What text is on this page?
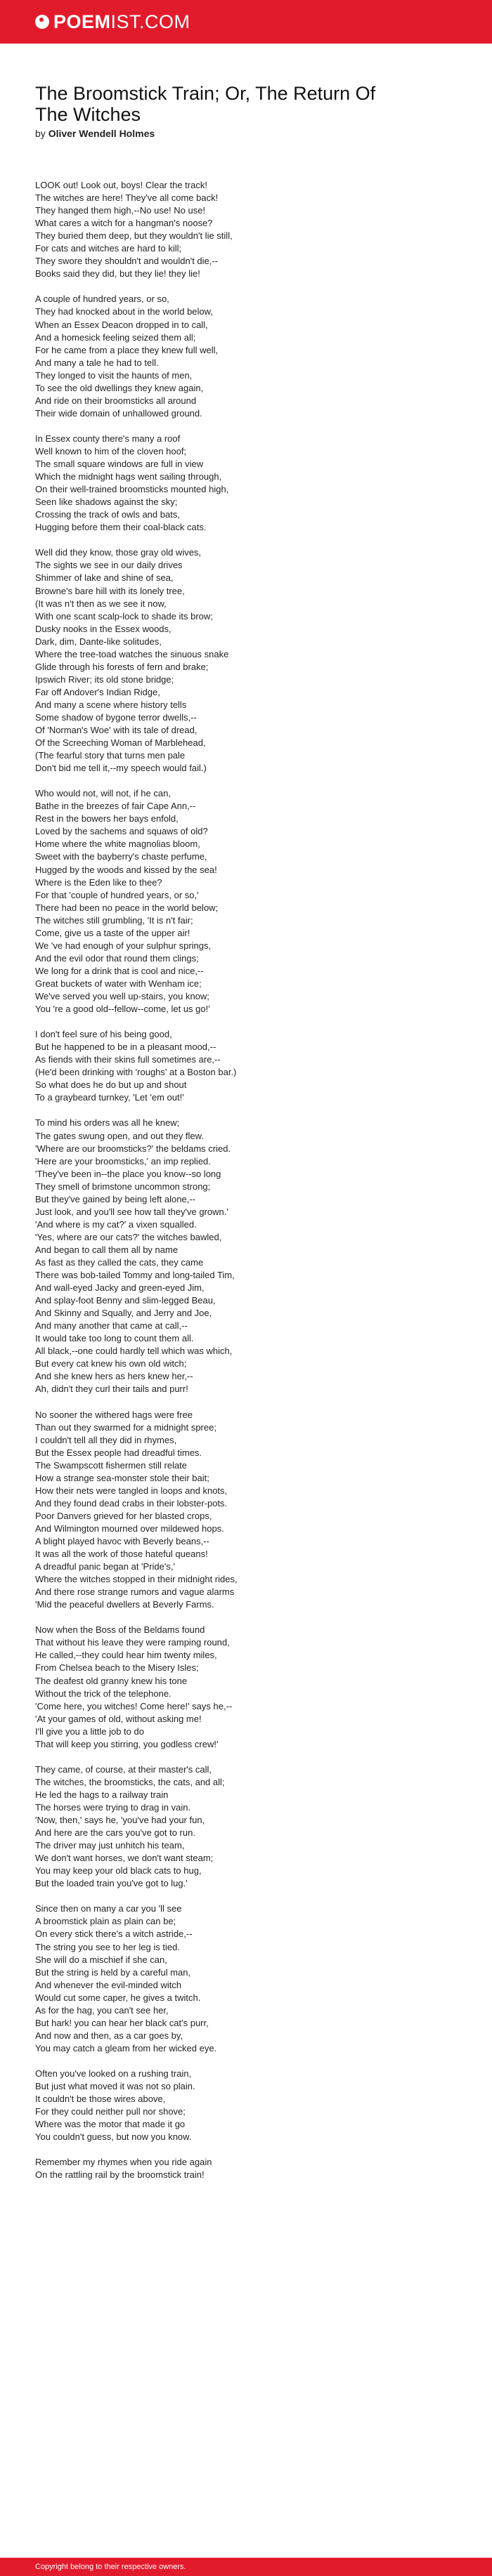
POEMIST.COM
The Broomstick Train; Or, The Return Of The Witches
by Oliver Wendell Holmes
LOOK out! Look out, boys! Clear the track!
The witches are here! They've all come back!
They hanged them high,--No use! No use!
What cares a witch for a hangman's noose?
They buried them deep, but they wouldn't lie still,
For cats and witches are hard to kill;
They swore they shouldn't and wouldn't die,--
Books said they did, but they lie! they lie!
A couple of hundred years, or so,
They had knocked about in the world below,
When an Essex Deacon dropped in to call,
And a homesick feeling seized them all;
For he came from a place they knew full well,
And many a tale he had to tell.
They longed to visit the haunts of men,
To see the old dwellings they knew again,
And ride on their broomsticks all around
Their wide domain of unhallowed ground.
In Essex county there's many a roof
Well known to him of the cloven hoof;
The small square windows are full in view
Which the midnight hags went sailing through,
On their well-trained broomsticks mounted high,
Seen like shadows against the sky;
Crossing the track of owls and bats,
Hugging before them their coal-black cats.
Well did they know, those gray old wives,
The sights we see in our daily drives
Shimmer of lake and shine of sea,
Browne's bare hill with its lonely tree,
(It was n't then as we see it now,
With one scant scalp-lock to shade its brow;
Dusky nooks in the Essex woods,
Dark, dim, Dante-like solitudes,
Where the tree-toad watches the sinuous snake
Glide through his forests of fern and brake;
Ipswich River; its old stone bridge;
Far off Andover's Indian Ridge,
And many a scene where history tells
Some shadow of bygone terror dwells,--
Of 'Norman's Woe' with its tale of dread,
Of the Screeching Woman of Marblehead,
(The fearful story that turns men pale
Don't bid me tell it,--my speech would fail.)
Who would not, will not, if he can,
Bathe in the breezes of fair Cape Ann,--
Rest in the bowers her bays enfold,
Loved by the sachems and squaws of old?
Home where the white magnolias bloom,
Sweet with the bayberry's chaste perfume,
Hugged by the woods and kissed by the sea!
Where is the Eden like to thee?
For that 'couple of hundred years, or so,'
There had been no peace in the world below;
The witches still grumbling, 'It is n't fair;
Come, give us a taste of the upper air!
We 've had enough of your sulphur springs,
And the evil odor that round them clings;
We long for a drink that is cool and nice,--
Great buckets of water with Wenham ice;
We've served you well up-stairs, you know;
You 're a good old--fellow--come, let us go!'
I don't feel sure of his being good,
But he happened to be in a pleasant mood,--
As fiends with their skins full sometimes are,--
(He'd been drinking with 'roughs' at a Boston bar.)
So what does he do but up and shout
To a graybeard turnkey, 'Let 'em out!'
To mind his orders was all he knew;
The gates swung open, and out they flew.
'Where are our broomsticks?' the beldams cried.
'Here are your broomsticks,' an imp replied.
'They've been in--the place you know--so long
They smell of brimstone uncommon strong;
But they've gained by being left alone,--
Just look, and you'll see how tall they've grown.'
'And where is my cat?' a vixen squalled.
'Yes, where are our cats?' the witches bawled,
And began to call them all by name
As fast as they called the cats, they came
There was bob-tailed Tommy and long-tailed Tim,
And wall-eyed Jacky and green-eyed Jim,
And splay-foot Benny and slim-legged Beau,
And Skinny and Squally, and Jerry and Joe,
And many another that came at call,--
It would take too long to count them all.
All black,--one could hardly tell which was which,
But every cat knew his own old witch;
And she knew hers as hers knew her,--
Ah, didn't they curl their tails and purr!
No sooner the withered hags were free
Than out they swarmed for a midnight spree;
I couldn't tell all they did in rhymes,
But the Essex people had dreadful times.
The Swampscott fishermen still relate
How a strange sea-monster stole their bait;
How their nets were tangled in loops and knots,
And they found dead crabs in their lobster-pots.
Poor Danvers grieved for her blasted crops,
And Wilmington mourned over mildewed hops.
A blight played havoc with Beverly beans,--
It was all the work of those hateful queans!
A dreadful panic began at 'Pride's,'
Where the witches stopped in their midnight rides,
And there rose strange rumors and vague alarms
'Mid the peaceful dwellers at Beverly Farms.
Now when the Boss of the Beldams found
That without his leave they were ramping round,
He called,--they could hear him twenty miles,
From Chelsea beach to the Misery Isles;
The deafest old granny knew his tone
Without the trick of the telephone.
'Come here, you witches! Come here!' says he,--
'At your games of old, without asking me!
I'll give you a little job to do
That will keep you stirring, you godless crew!'
They came, of course, at their master's call,
The witches, the broomsticks, the cats, and all;
He led the hags to a railway train
The horses were trying to drag in vain.
'Now, then,' says he, 'you've had your fun,
And here are the cars you've got to run.
The driver may just unhitch his team,
We don't want horses, we don't want steam;
You may keep your old black cats to hug,
But the loaded train you've got to lug.'
Since then on many a car you 'll see
A broomstick plain as plain can be;
On every stick there's a witch astride,--
The string you see to her leg is tied.
She will do a mischief if she can,
But the string is held by a careful man,
And whenever the evil-minded witch
Would cut some caper, he gives a twitch.
As for the hag, you can't see her,
But hark! you can hear her black cat's purr,
And now and then, as a car goes by,
You may catch a gleam from her wicked eye.
Often you've looked on a rushing train,
But just what moved it was not so plain.
It couldn't be those wires above,
For they could neither pull nor shove;
Where was the motor that made it go
You couldn't guess, but now you know.
Remember my rhymes when you ride again
On the rattling rail by the broomstick train!
Copyright belong to their respective owners.
